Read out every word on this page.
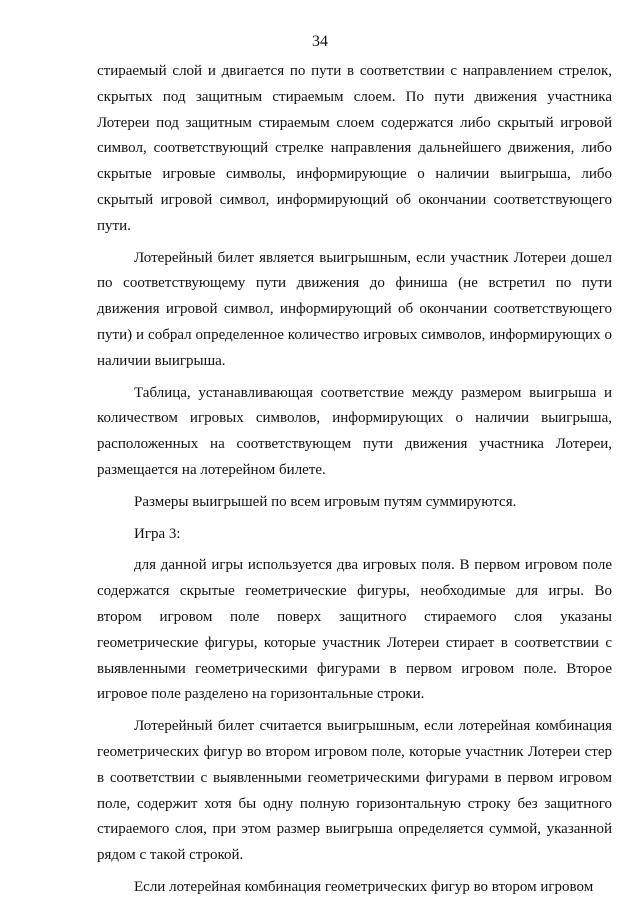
34

стираемый слой и двигается по пути в соответствии с направлением стрелок, скрытых под защитным стираемым слоем. По пути движения участника Лотереи под защитным стираемым слоем содержатся либо скрытый игровой символ, соответствующий стрелке направления дальнейшего движения, либо скрытые игровые символы, информирующие о наличии выигрыша, либо скрытый игровой символ, информирующий об окончании соответствующего пути.

Лотерейный билет является выигрышным, если участник Лотереи дошел по соответствующему пути движения до финиша (не встретил по пути движения игровой символ, информирующий об окончании соответствующего пути) и собрал определенное количество игровых символов, информирующих о наличии выигрыша.

Таблица, устанавливающая соответствие между размером выигрыша и количеством игровых символов, информирующих о наличии выигрыша, расположенных на соответствующем пути движения участника Лотереи, размещается на лотерейном билете.

Размеры выигрышей по всем игровым путям суммируются.

Игра 3:

для данной игры используется два игровых поля. В первом игровом поле содержатся скрытые геометрические фигуры, необходимые для игры. Во втором игровом поле поверх защитного стираемого слоя указаны геометрические фигуры, которые участник Лотереи стирает в соответствии с выявленными геометрическими фигурами в первом игровом поле. Второе игровое поле разделено на горизонтальные строки.

Лотерейный билет считается выигрышным, если лотерейная комбинация геометрических фигур во втором игровом поле, которые участник Лотереи стер в соответствии с выявленными геометрическими фигурами в первом игровом поле, содержит хотя бы одну полную горизонтальную строку без защитного стираемого слоя, при этом размер выигрыша определяется суммой, указанной рядом с такой строкой.

Если лотерейная комбинация геометрических фигур во втором игровом
